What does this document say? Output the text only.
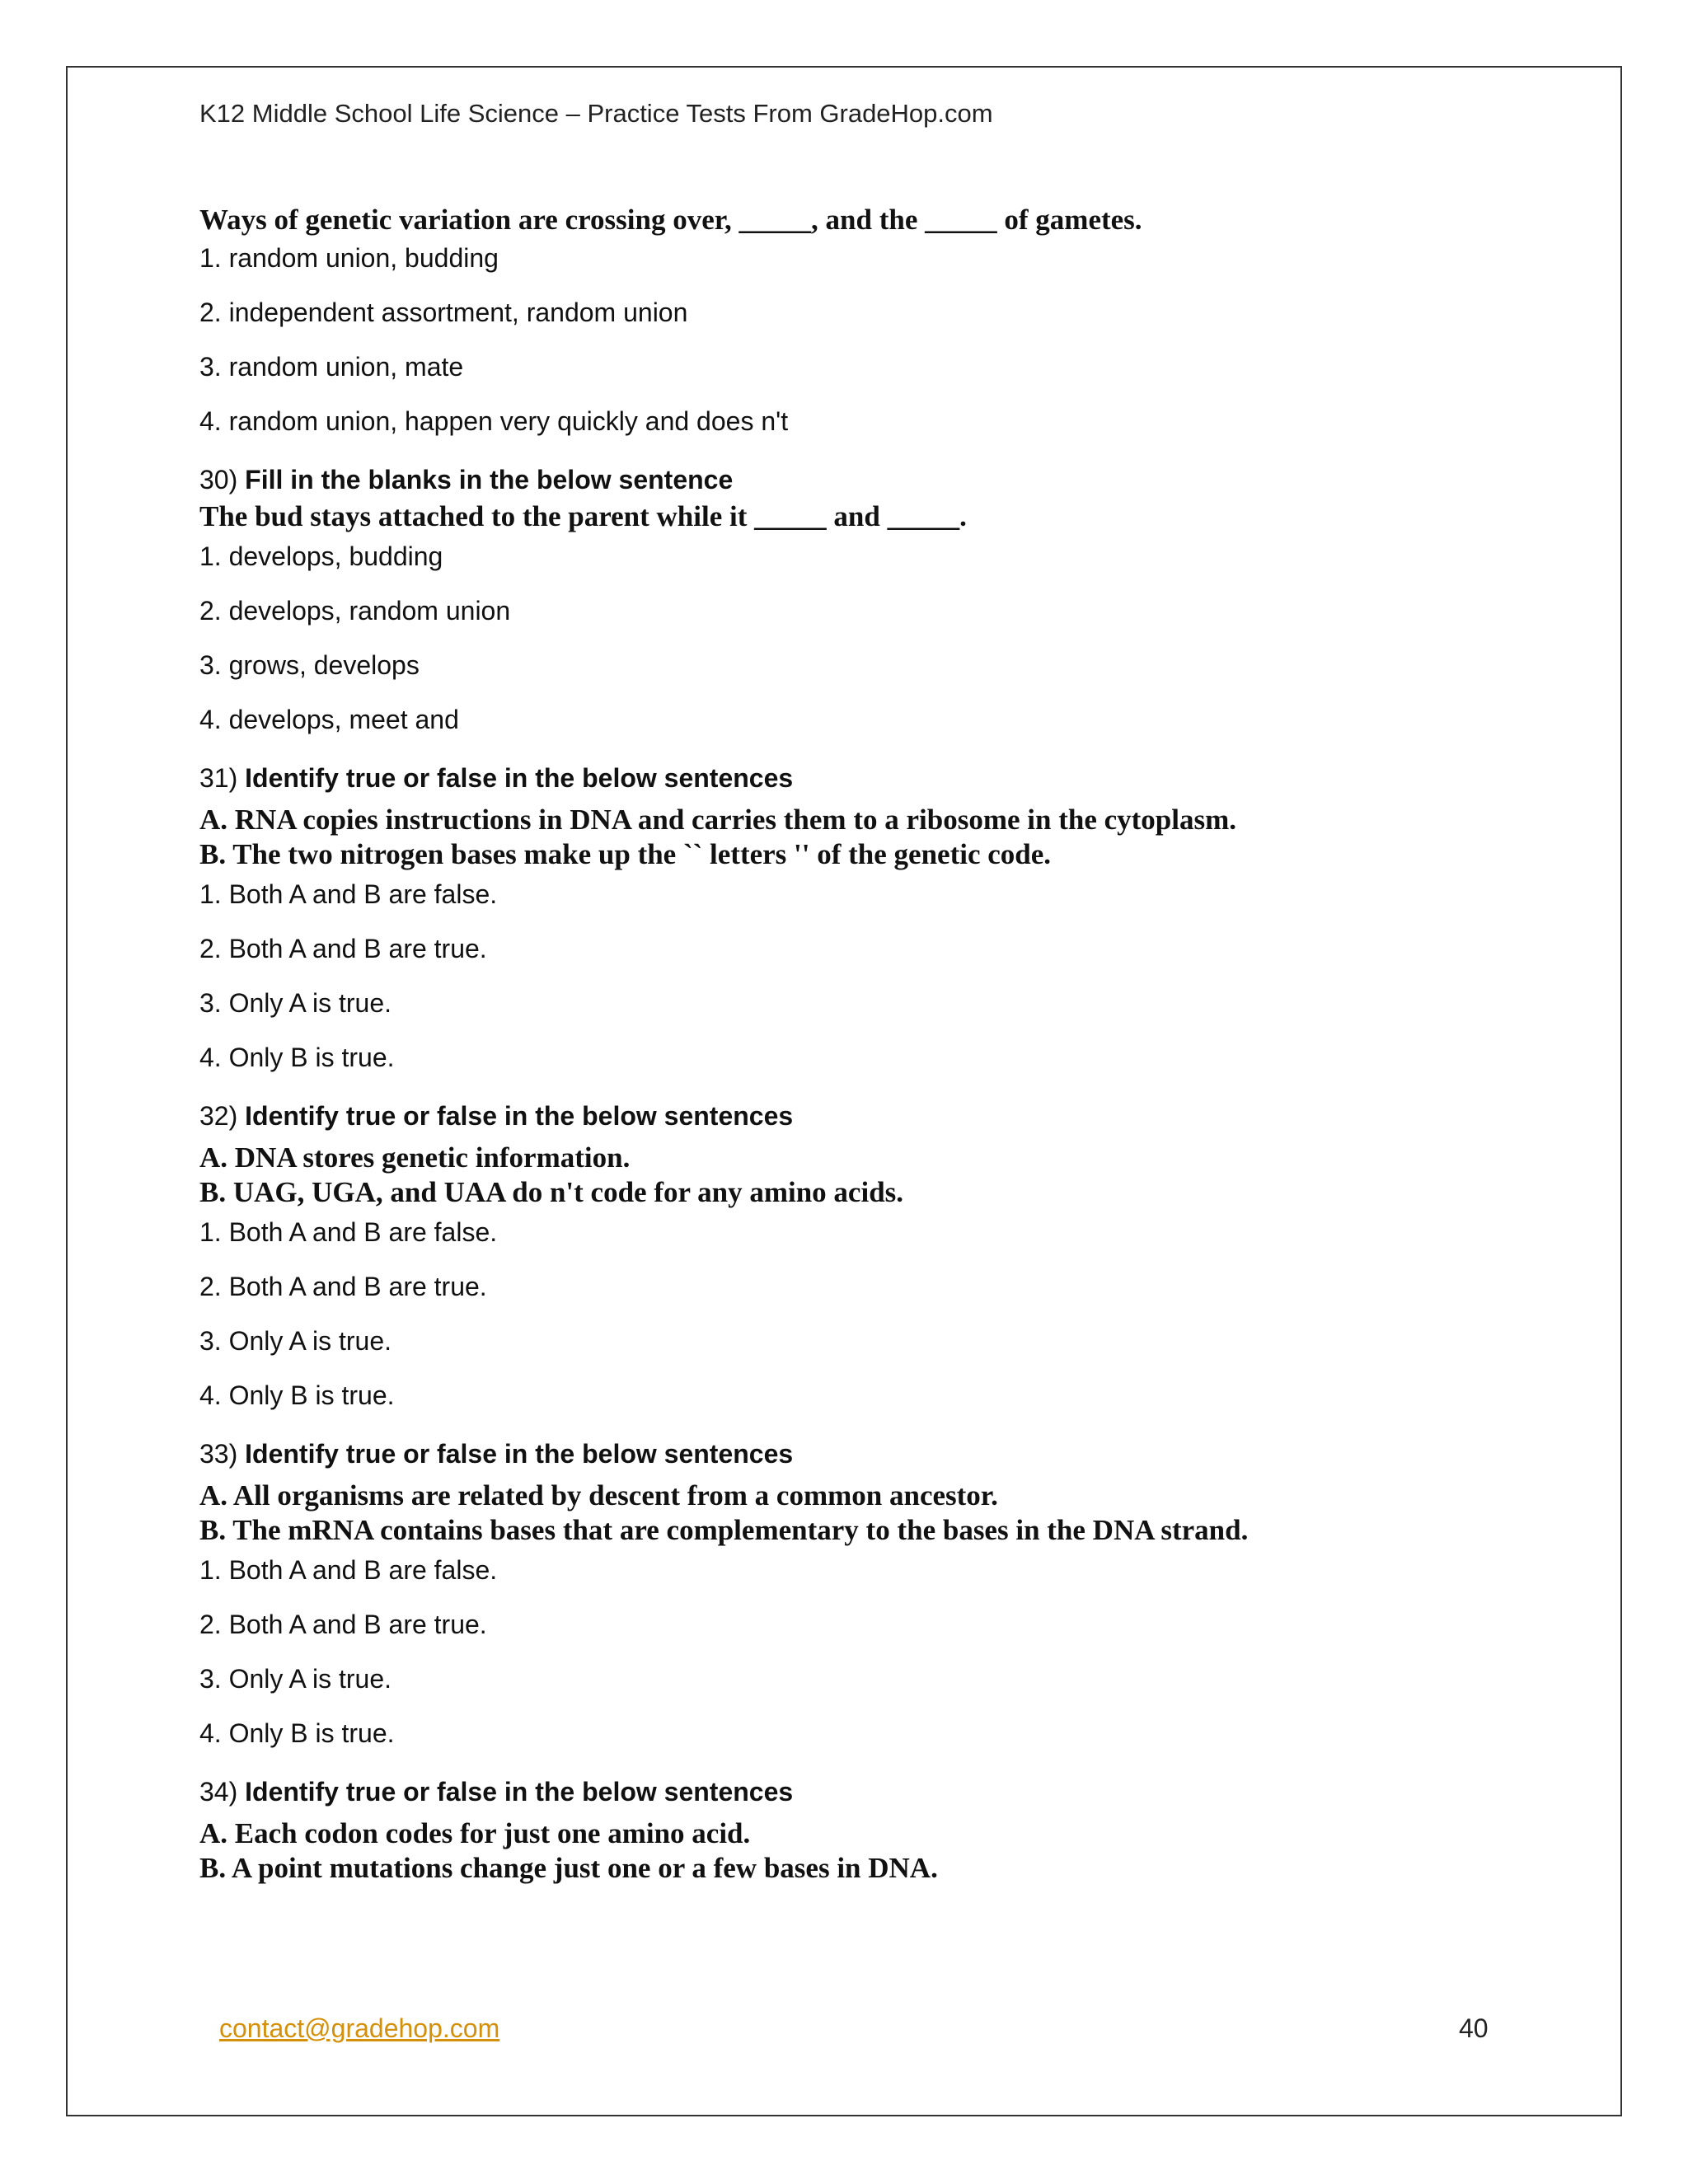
K12 Middle School Life Science – Practice Tests From GradeHop.com
Ways of genetic variation are crossing over, _____, and the _____ of gametes.
1. random union, budding
2. independent assortment, random union
3. random union, mate
4. random union, happen very quickly and does n't
30) Fill in the blanks in the below sentence
The bud stays attached to the parent while it _____ and _____.
1. develops, budding
2. develops, random union
3. grows, develops
4. develops, meet and
31) Identify true or false in the below sentences
A. RNA copies instructions in DNA and carries them to a ribosome in the cytoplasm.
B. The two nitrogen bases make up the `` letters '' of the genetic code.
1. Both A and B are false.
2. Both A and B are true.
3. Only A is true.
4. Only B is true.
32) Identify true or false in the below sentences
A. DNA stores genetic information.
B. UAG, UGA, and UAA do n't code for any amino acids.
1. Both A and B are false.
2. Both A and B are true.
3. Only A is true.
4. Only B is true.
33) Identify true or false in the below sentences
A. All organisms are related by descent from a common ancestor.
B. The mRNA contains bases that are complementary to the bases in the DNA strand.
1. Both A and B are false.
2. Both A and B are true.
3. Only A is true.
4. Only B is true.
34) Identify true or false in the below sentences
A. Each codon codes for just one amino acid.
B. A point mutations change just one or a few bases in DNA.
contact@gradehop.com	40
